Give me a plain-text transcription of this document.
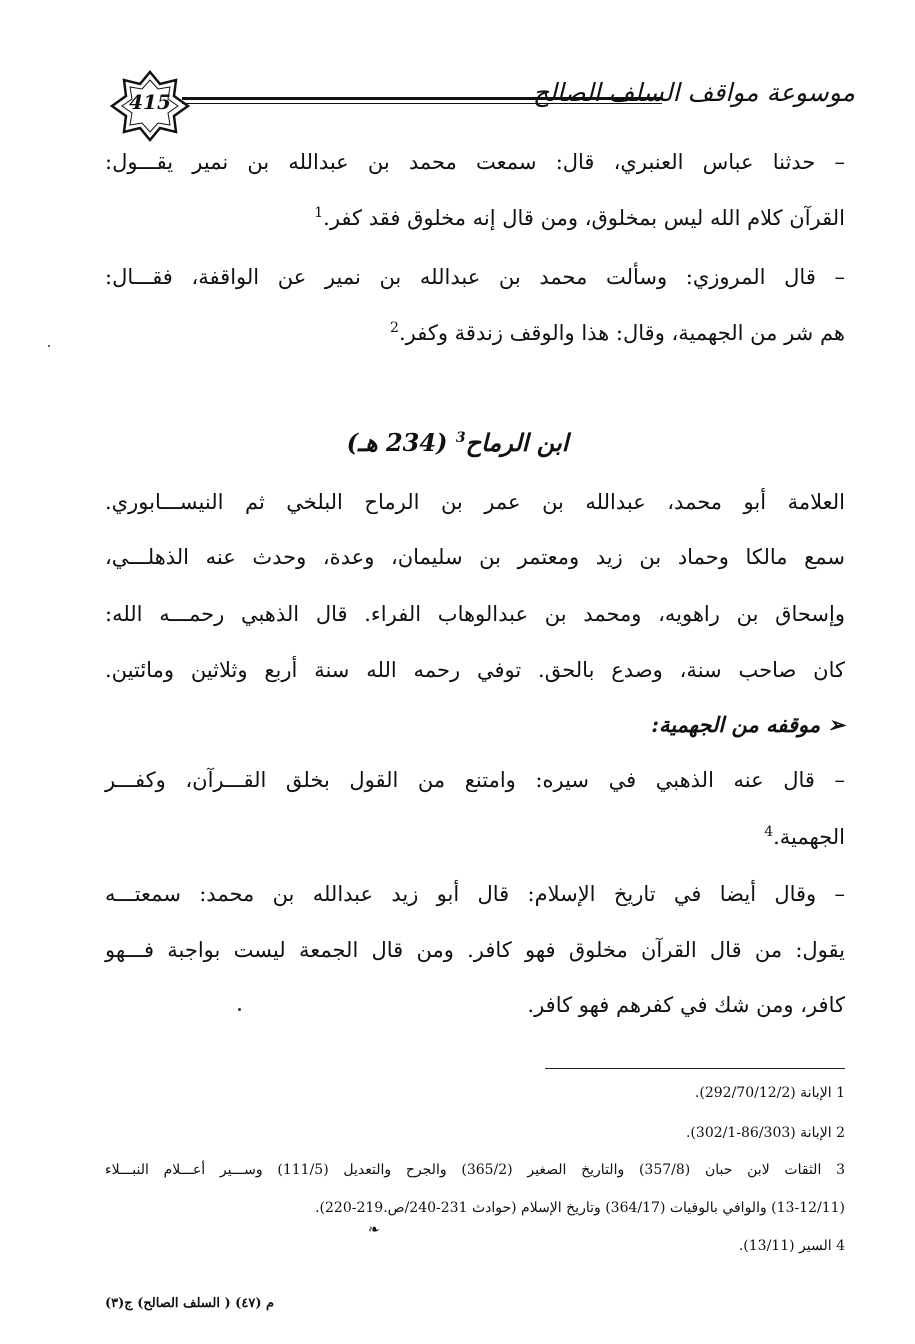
415	موسوعة مواقف السلف الصالح
– حدثنا عباس العنبري، قال: سمعت محمد بن عبدالله بن نمير يقـــول:
القرآن كلام الله ليس بمخلوق، ومن قال إنه مخلوق فقد كفر.$^1$
– قال المروزي: وسألت محمد بن عبدالله بن نمير عن الواقفة، فقـــال:
هم شر من الجهمية، وقال: هذا والوقف زندقة وكفر.$^2$
ابن الرماح$^3$ (234 هـ)
العلامة أبو محمد، عبدالله بن عمر بن الرماح البلخي ثم النيســـابوري.
سمع مالكا وحماد بن زيد ومعتمر بن سليمان، وعدة، وحدث عنه الذهلـــي،
وإسحاق بن راهويه، ومحمد بن عبدالوهاب الفراء. قال الذهبي رحمـــه الله:
كان صاحب سنة، وصدع بالحق. توفي رحمه الله سنة أربع وثلاثين ومائتين.
➢ موقفه من الجهمية:
– قال عنه الذهبي في سيره: وامتنع من القول بخلق القـــرآن، وكفـــر
الجهمية.$^4$
– وقال أيضا في تاريخ الإسلام: قال أبو زيد عبدالله بن محمد: سمعتـــه
يقول: من قال القرآن مخلوق فهو كافر. ومن قال الجمعة ليست بواجبة فـــهو
كافر، ومن شك في كفرهم فهو كافر.
1 الإبانة (292/70/12/2).
2 الإبانة (86/303-302/1).
3 الثقات لابن حبان (357/8) والتاريخ الصغير (365/2) والجرح والتعديل (111/5) وســـير أعـــلام النبـــلاء
(13-12/11) والوافي بالوفيات (364/17) وتاريخ الإسلام (حوادث 231-240/ص.219-220).
❧
4 السير (13/11).
م (٤٧) ( السلف الصالح) ج(٣)
